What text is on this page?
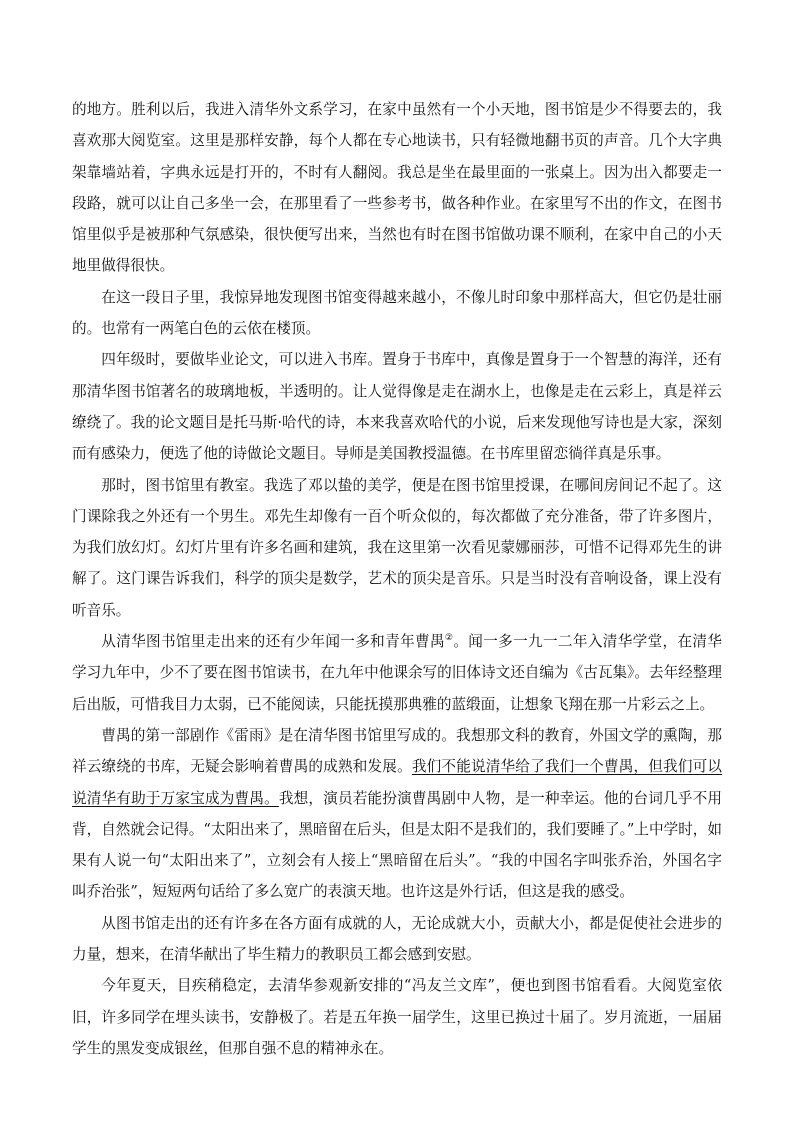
的地方。胜利以后，我进入清华外文系学习，在家中虽然有一个小天地，图书馆是少不得要去的，我喜欢那大阅览室。这里是那样安静，每个人都在专心地读书，只有轻微地翻书页的声音。几个大字典架靠墙站着，字典永远是打开的，不时有人翻阅。我总是坐在最里面的一张桌上。因为出入都要走一段路，就可以让自己多坐一会，在那里看了一些参考书，做各种作业。在家里写不出的作文，在图书馆里似乎是被那种气氛感染，很快便写出来，当然也有时在图书馆做功课不顺利，在家中自己的小天地里做得很快。

在这一段日子里，我惊异地发现图书馆变得越来越小，不像儿时印象中那样高大，但它仍是壮丽的。也常有一两笔白色的云依在楼顶。

四年级时，要做毕业论文，可以进入书库。置身于书库中，真像是置身于一个智慧的海洋，还有那清华图书馆著名的玻璃地板，半透明的。让人觉得像是走在湖水上，也像是走在云彩上，真是祥云缭绕了。我的论文题目是托马斯·哈代的诗，本来我喜欢哈代的小说，后来发现他写诗也是大家，深刻而有感染力，便选了他的诗做论文题目。导师是美国教授温德。在书库里留恋徜徉真是乐事。

那时，图书馆里有教室。我选了邓以蛰的美学，便是在图书馆里授课，在哪间房间记不起了。这门课除我之外还有一个男生。邓先生却像有一百个听众似的，每次都做了充分准备，带了许多图片，为我们放幻灯。幻灯片里有许多名画和建筑，我在这里第一次看见蒙娜丽莎，可惜不记得邓先生的讲解了。这门课告诉我们，科学的顶尖是数学，艺术的顶尖是音乐。只是当时没有音响设备，课上没有听音乐。

从清华图书馆里走出来的还有少年闻一多和青年曹禺②。闻一多一九一二年入清华学堂，在清华学习九年中，少不了要在图书馆读书，在九年中他课余写的旧体诗文还自编为《古瓦集》。去年经整理后出版，可惜我目力太弱，已不能阅读，只能抚摸那典雅的蓝缎面，让想象飞翔在那一片彩云之上。

曹禺的第一部剧作《雷雨》是在清华图书馆里写成的。我想那文科的教育，外国文学的熏陶，那祥云缭绕的书库，无疑会影响着曹禺的成熟和发展。我们不能说清华给了我们一个曹禺，但我们可以说清华有助于万家宝成为曹禺。我想，演员若能扮演曹禺剧中人物，是一种幸运。他的台词几乎不用背，自然就会记得。“太阳出来了，黑暗留在后头，但是太阳不是我们的，我们要睡了。”上中学时，如果有人说一句“太阳出来了”，立刻会有人接上“黑暗留在后头”。“我的中国名字叫张乔治，外国名字叫乔治张”，短短两句话给了多么宽广的表演天地。也许这是外行话，但这是我的感受。

从图书馆走出的还有许多在各方面有成就的人，无论成就大小，贡献大小，都是促使社会进步的力量，想来，在清华献出了毕生精力的教职员工都会感到安慰。

今年夏天，目疾稍稳定，去清华参观新安排的“冯友兰文库”，便也到图书馆看看。大阅览室依旧，许多同学在埋头读书，安静极了。若是五年换一届学生，这里已换过十届了。岁月流逝，一届届学生的黑发变成银丝，但那自强不息的精神永在。
